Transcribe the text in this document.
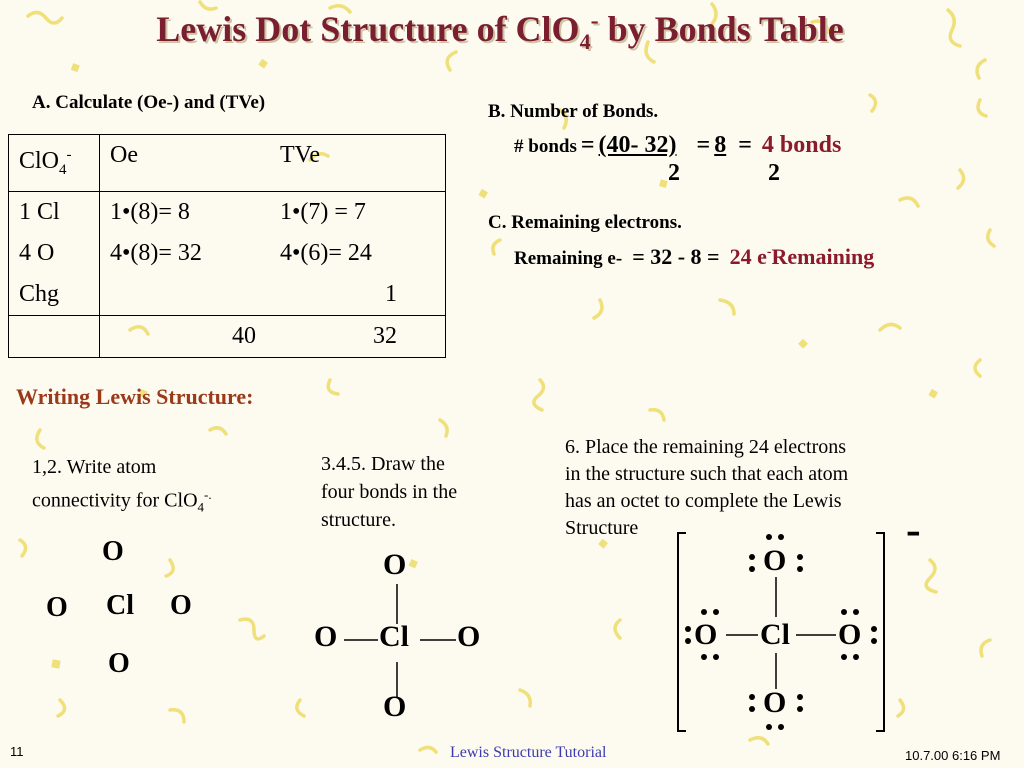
Lewis Dot Structure of ClO$_4$- by Bonds Table
A. Calculate (Oe-) and (TVe)
ClO$_4$-	Oe	TVe
1 Cl	1•(8)= 8	1•(7) = 7
4 O	4•(8)= 32	4•(6)= 24
Chg		1
	40	32
B. Number of Bonds.
# bonds = (40- 32) = 8 = 4 bonds
2	2
C. Remaining electrons.
Remaining e- = 32 - 8 = 24 e-Remaining
Writing Lewis Structure:
1,2. Write atom
connectivity for ClO$_4$-.
O
O Cl O
O
3.4.5. Draw the
four bonds in the
structure.
O
O Cl O
O
6. Place the remaining 24 electrons
in the structure such that each atom
has an octet to complete the Lewis
Structure
O
O Cl O
O
-
11	Lewis Structure Tutorial	10.7.00 6:16 PM
